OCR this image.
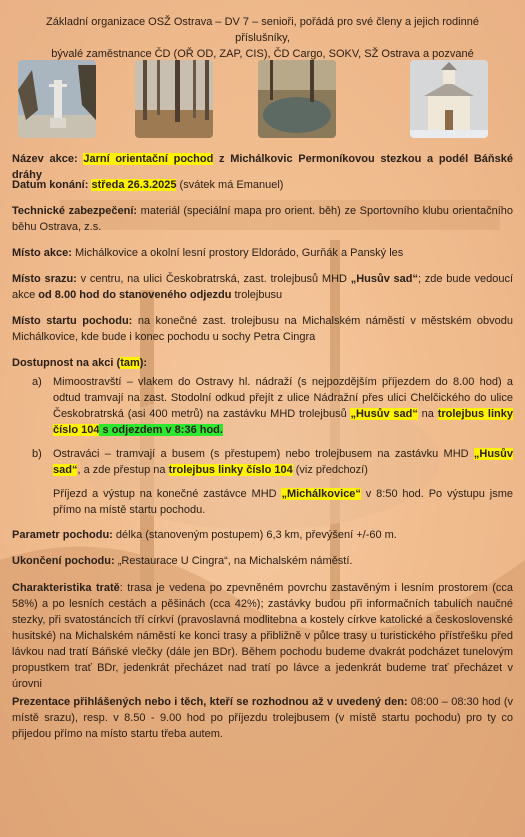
Základní organizace OSŽ Ostrava – DV 7 – senioři, pořádá pro své členy a jejich rodinné příslušníky,
bývalé zaměstnance ČD (OŘ OD, ZAP, CIS), ČD Cargo, SOKV, SŽ Ostrava a pozvané

Název akce: Jarní orientační pochod z Michálkovic Permoníkovou stezkou a podél Báňské dráhy

Datum konání: středa 26.3.2025 (svátek má Emanuel)

Technické zabezpečení: materiál (speciální mapa pro orient. běh) ze Sportovního klubu orientačního běhu Ostrava, z.s.

Místo akce: Michálkovice a okolní lesní prostory Eldorádo, Gurňák a Panský les

Místo srazu: v centru, na ulici Českobratrská, zast. trolejbusů MHD „Husův sad“; zde bude vedoucí akce od 8.00 hod do stanoveného odjezdu trolejbusu

Místo startu pochodu: na konečné zast. trolejbusu na Michalském náměstí v městském obvodu Michálkovice, kde bude i konec pochodu u sochy Petra Cingra

Dostupnost na akci (tam):

a) Mimoostravští – vlakem do Ostravy hl. nádraží (s nejpozdějším příjezdem do 8.00 hod) a odtud tramvají na zast. Stodolní odkud přejít z ulice Nádražní přes ulici Chelčického do ulice Českobratrská (asi 400 metrů) na zastávku MHD trolejbusů „Husův sad“ na trolejbus linky číslo 104 s odjezdem v 8:36 hod.

b) Ostraváci – tramvají a busem (s přestupem) nebo trolejbusem na zastávku MHD „Husův sad“, a zde přestup na trolejbus linky číslo 104 (viz předchozí)

Příjezd a výstup na konečné zastávce MHD „Michálkovice“ v 8:50 hod. Po výstupu jsme přímo na místě startu pochodu.

Parametr pochodu: délka (stanoveným postupem) 6,3 km, převýšení +/-60 m.

Ukončení pochodu: „Restaurace U Cingra“, na Michalském náměstí.

Charakteristika tratě: trasa je vedena po zpevněném povrchu zastavěným i lesním prostorem (cca 58%) a po lesních cestách a pěšinách (cca 42%); zastávky budou při informačních tabulích naučné stezky, při svatostáncích tří církví (pravoslavná modlitebna a kostely církve katolické a československé husitské) na Michalském náměstí ke konci trasy a přibližně v půlce trasy u turistického přístřešku před lávkou nad tratí Báňské vlečky (dále jen BDr). Během pochodu budeme dvakrát podcházet tunelovým propustkem trať BDr, jedenkrát přecházet nad tratí po lávce a jedenkrát budeme trať přecházet v úrovni

Prezentace přihlášených nebo i těch, kteří se rozhodnou až v uvedený den: 08:00 – 08:30 hod (v místě srazu), resp. v 8.50 - 9.00 hod po příjezdu trolejbusem (v místě startu pochodu) pro ty co přijedou přímo na místo startu třeba autem.
